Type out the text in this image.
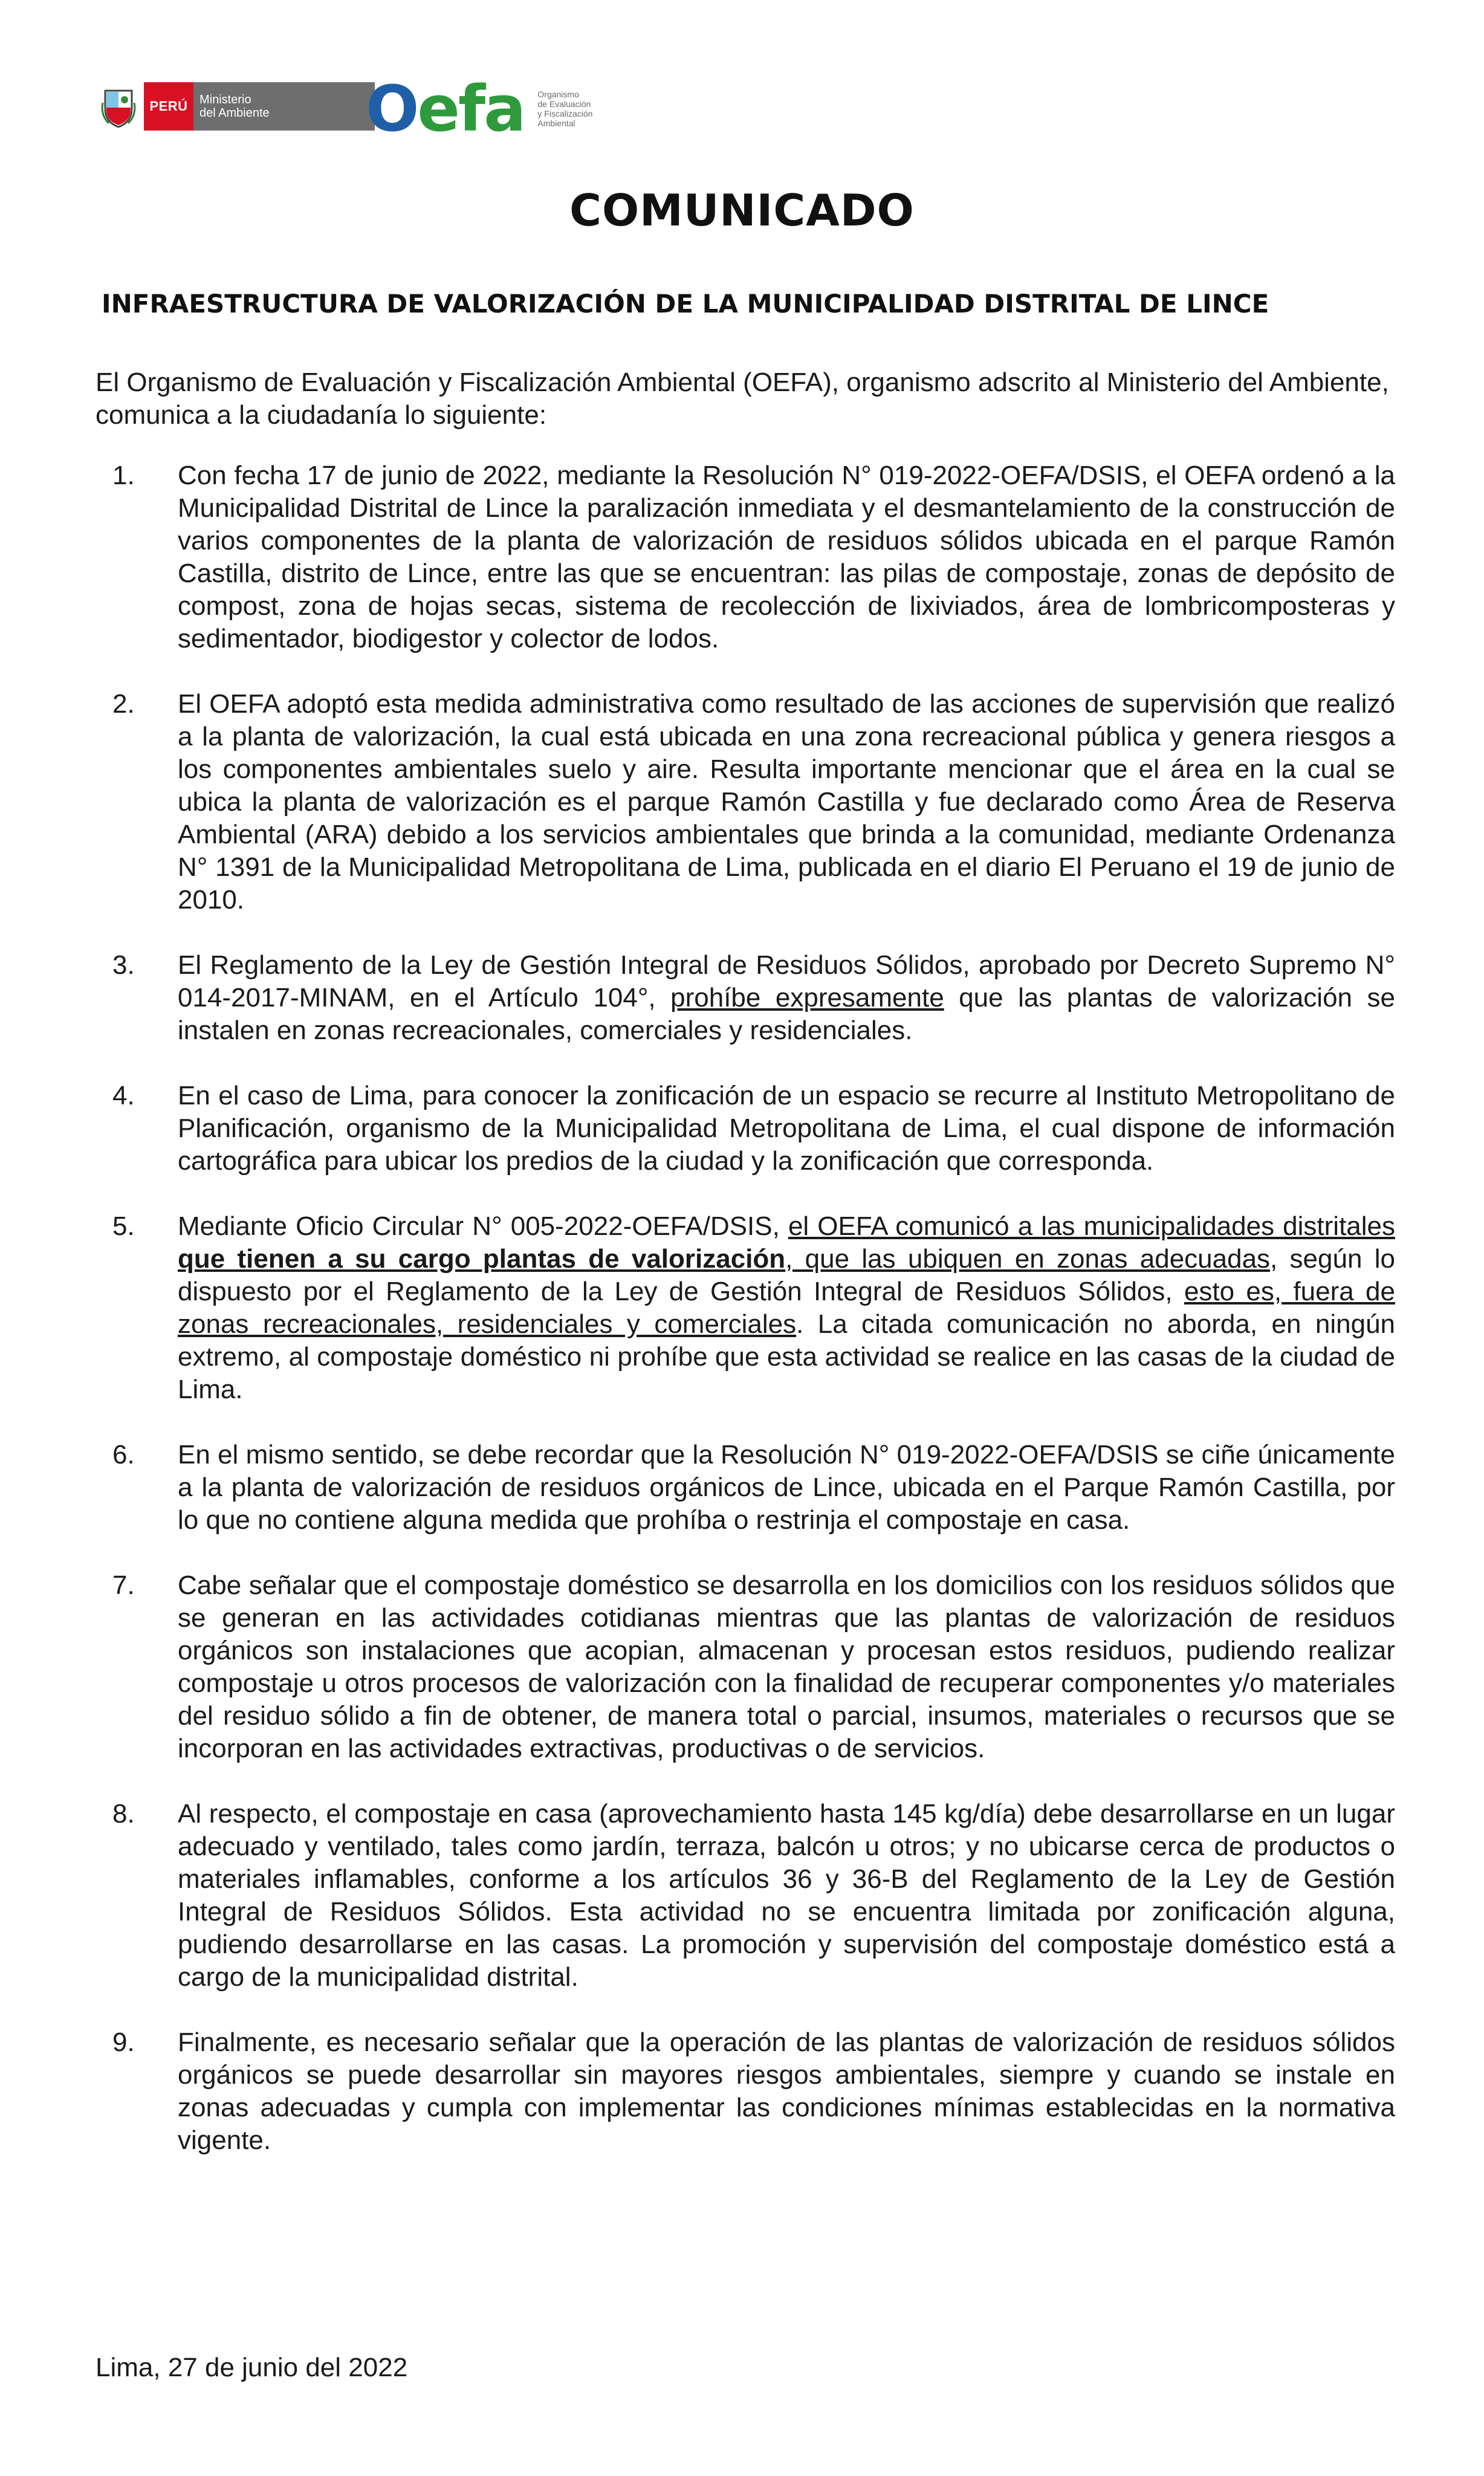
PERÚ Ministerio
del Ambiente	Oefa Organismo
de Evaluación
y Fiscalización
Ambiental
COMUNICADO
INFRAESTRUCTURA DE VALORIZACIÓN DE LA MUNICIPALIDAD DISTRITAL DE LINCE

El Organismo de Evaluación y Fiscalización Ambiental (OEFA), organismo adscrito al Ministerio del Ambiente, comunica a la ciudadanía lo siguiente:

1.	Con fecha 17 de junio de 2022, mediante la Resolución N° 019-2022-OEFA/DSIS, el OEFA ordenó a la Municipalidad Distrital de Lince la paralización inmediata y el desmantelamiento de la construcción de varios componentes de la planta de valorización de residuos sólidos ubicada en el parque Ramón Castilla, distrito de Lince, entre las que se encuentran: las pilas de compostaje, zonas de depósito de compost, zona de hojas secas, sistema de recolección de lixiviados, área de lombricomposteras y sedimentador, biodigestor y colector de lodos.
2.	El OEFA adoptó esta medida administrativa como resultado de las acciones de supervisión que realizó a la planta de valorización, la cual está ubicada en una zona recreacional pública y genera riesgos a los componentes ambientales suelo y aire. Resulta importante mencionar que el área en la cual se ubica la planta de valorización es el parque Ramón Castilla y fue declarado como Área de Reserva Ambiental (ARA) debido a los servicios ambientales que brinda a la comunidad, mediante Ordenanza N° 1391 de la Municipalidad Metropolitana de Lima, publicada en el diario El Peruano el 19 de junio de 2010.
3.	El Reglamento de la Ley de Gestión Integral de Residuos Sólidos, aprobado por Decreto Supremo N° 014-2017-MINAM, en el Artículo 104°, prohíbe expresamente que las plantas de valorización se instalen en zonas recreacionales, comerciales y residenciales.
4.	En el caso de Lima, para conocer la zonificación de un espacio se recurre al Instituto Metropolitano de Planificación, organismo de la Municipalidad Metropolitana de Lima, el cual dispone de información cartográfica para ubicar los predios de la ciudad y la zonificación que corresponda.
5.	Mediante Oficio Circular N° 005-2022-OEFA/DSIS, el OEFA comunicó a las municipalidades distritales que tienen a su cargo plantas de valorización, que las ubiquen en zonas adecuadas, según lo dispuesto por el Reglamento de la Ley de Gestión Integral de Residuos Sólidos, esto es, fuera de zonas recreacionales, residenciales y comerciales. La citada comunicación no aborda, en ningún extremo, al compostaje doméstico ni prohíbe que esta actividad se realice en las casas de la ciudad de Lima.
6.	En el mismo sentido, se debe recordar que la Resolución N° 019-2022-OEFA/DSIS se ciñe únicamente a la planta de valorización de residuos orgánicos de Lince, ubicada en el Parque Ramón Castilla, por lo que no contiene alguna medida que prohíba o restrinja el compostaje en casa.
7.	Cabe señalar que el compostaje doméstico se desarrolla en los domicilios con los residuos sólidos que se generan en las actividades cotidianas mientras que las plantas de valorización de residuos orgánicos son instalaciones que acopian, almacenan y procesan estos residuos, pudiendo realizar compostaje u otros procesos de valorización con la finalidad de recuperar componentes y/o materiales del residuo sólido a fin de obtener, de manera total o parcial, insumos, materiales o recursos que se incorporan en las actividades extractivas, productivas o de servicios.
8.	Al respecto, el compostaje en casa (aprovechamiento hasta 145 kg/día) debe desarrollarse en un lugar adecuado y ventilado, tales como jardín, terraza, balcón u otros; y no ubicarse cerca de productos o materiales inflamables, conforme a los artículos 36 y 36-B del Reglamento de la Ley de Gestión Integral de Residuos Sólidos. Esta actividad no se encuentra limitada por zonificación alguna, pudiendo desarrollarse en las casas. La promoción y supervisión del compostaje doméstico está a cargo de la municipalidad distrital.
9.	Finalmente, es necesario señalar que la operación de las plantas de valorización de residuos sólidos orgánicos se puede desarrollar sin mayores riesgos ambientales, siempre y cuando se instale en zonas adecuadas y cumpla con implementar las condiciones mínimas establecidas en la normativa vigente.
Lima, 27 de junio del 2022
